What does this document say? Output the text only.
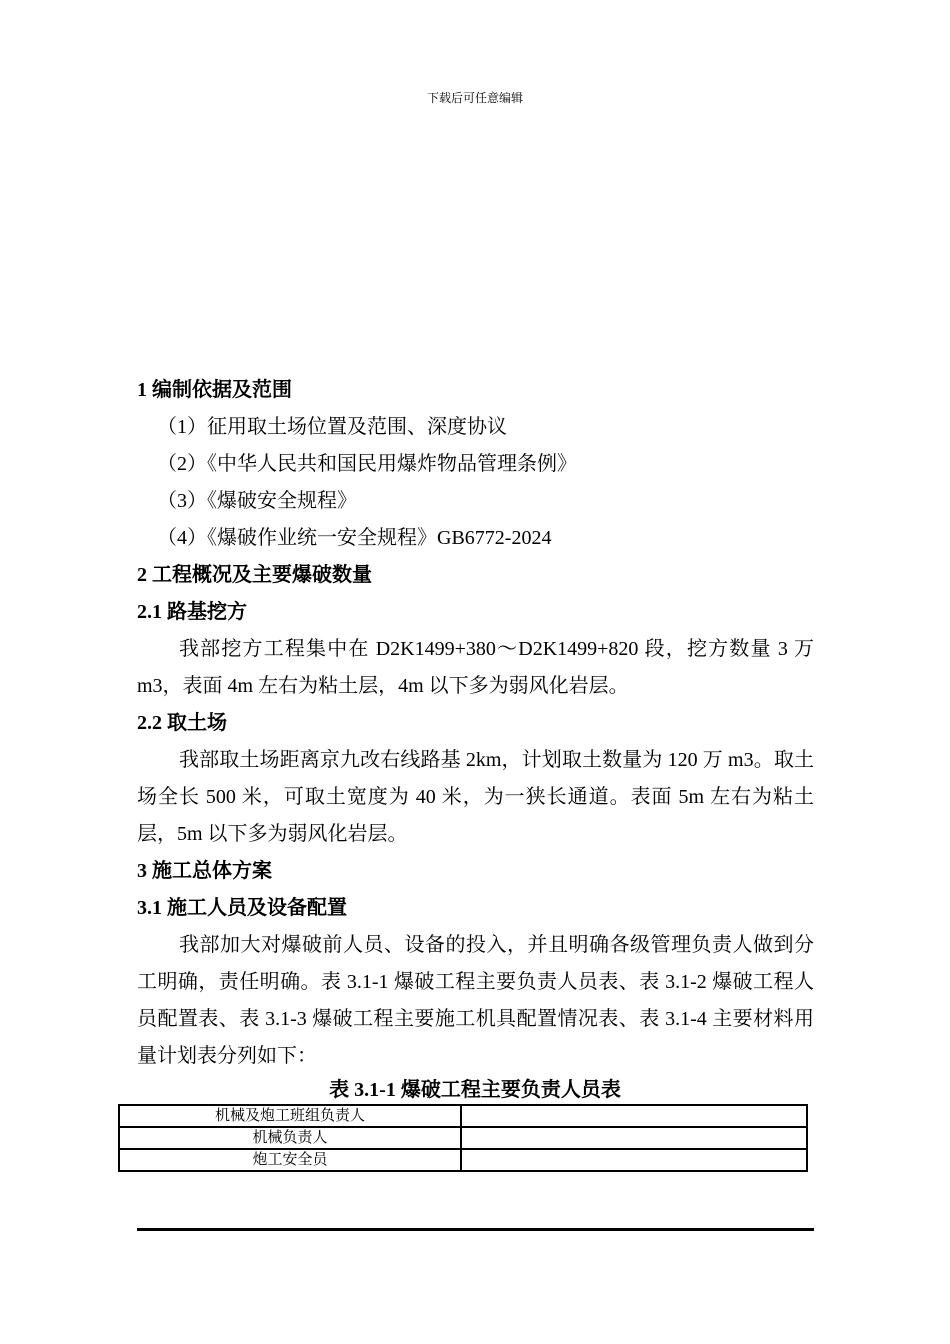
下载后可任意编辑
1 编制依据及范围
（1）征用取土场位置及范围、深度协议
（2）《中华人民共和国民用爆炸物品管理条例》
（3）《爆破安全规程》
（4）《爆破作业统一安全规程》GB6772-2024
2 工程概况及主要爆破数量
2.1 路基挖方

我部挖方工程集中在 D2K1499+380～D2K1499+820 段，挖方数量 3 万 m3，表面 4m 左右为粘土层，4m 以下多为弱风化岩层。

2.2 取土场

我部取土场距离京九改右线路基 2km，计划取土数量为 120 万 m3。取土场全长 500 米，可取土宽度为 40 米，为一狭长通道。表面 5m 左右为粘土层，5m 以下多为弱风化岩层。

3 施工总体方案
3.1 施工人员及设备配置

我部加大对爆破前人员、设备的投入，并且明确各级管理负责人做到分工明确，责任明确。表 3.1-1 爆破工程主要负责人员表、表 3.1-2 爆破工程人员配置表、表 3.1-3 爆破工程主要施工机具配置情况表、表 3.1-4 主要材料用量计划表分列如下：

表 3.1-1 爆破工程主要负责人员表
机械及炮工班组负责人	
机械负责人	
炮工安全员	
